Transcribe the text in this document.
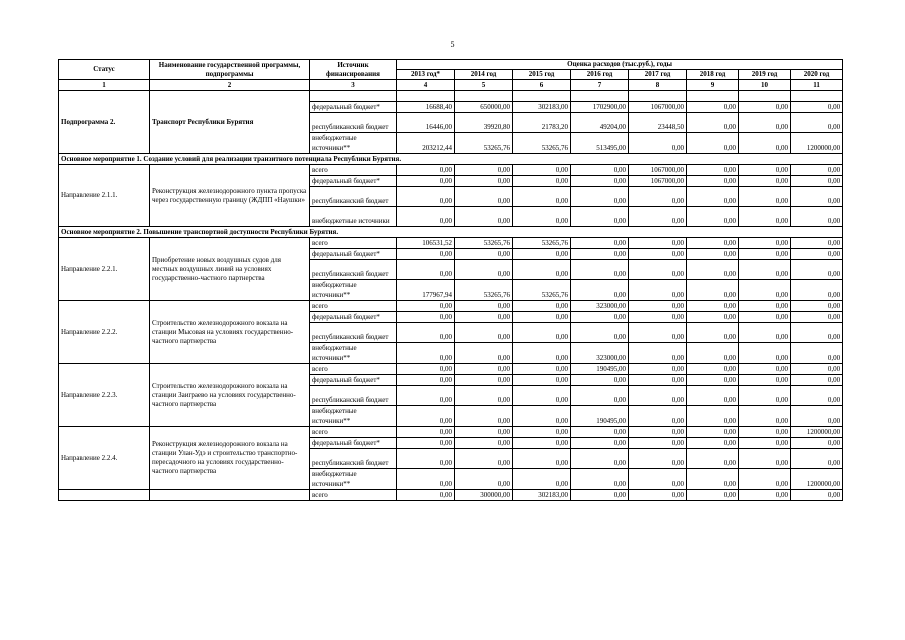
5
Статус	Наименование государственной программы, подпрограммы	Источник финансирования	Оценка расходов (тыс.руб.), годы							
			2013 год*	2014 год	2015 год	2016 год	2017 год	2018 год	2019 год	2020 год
1	2	3	4	5	6	7	8	9	10	11
Подпрограмма 2.	Транспорт Республики Бурятия									
		федеральный бюджет*	16688,40	650000,00	302183,00	1702900,00	1067000,00	0,00	0,00	0,00
		республиканский бюджет	16446,00	39920,80	21783,20	49204,00	23448,50	0,00	0,00	0,00
		внебюджетные источники**	203212,44	53265,76	53265,76	513495,00	0,00	0,00	0,00	1200000,00
Основное мероприятие 1. Создание условий для реализации транзитного потенциала Республики Бурятия.										
Направление 2.1.1.	Реконструкция железнодорожного пункта пропуска через государственную границу (ЖДПП «Наушки»	всего	0,00	0,00	0,00	0,00	1067000,00	0,00	0,00	0,00
		федеральный бюджет*	0,00	0,00	0,00	0,00	1067000,00	0,00	0,00	0,00
		республиканский бюджет	0,00	0,00	0,00	0,00	0,00	0,00	0,00	0,00
		внебюджетные источники	0,00	0,00	0,00	0,00	0,00	0,00	0,00	0,00
Основное мероприятие 2. Повышение транспортной доступности Республики Бурятия.										
Направление 2.2.1.	Приобретение новых воздушных судов для местных воздушных линий на условиях государственно-частного партнерства	всего	106531,52	53265,76	53265,76	0,00	0,00	0,00	0,00	0,00
		федеральный бюджет*	0,00	0,00	0,00	0,00	0,00	0,00	0,00	0,00
		республиканский бюджет	0,00	0,00	0,00	0,00	0,00	0,00	0,00	0,00
		внебюджетные источники**	177967,94	53265,76	53265,76	0,00	0,00	0,00	0,00	0,00
Направление 2.2.2.	Строительство железнодорожного вокзала на станции Мысовая на условиях государственно-частного партнерства	всего	0,00	0,00	0,00	323000,00	0,00	0,00	0,00	0,00
		федеральный бюджет*	0,00	0,00	0,00	0,00	0,00	0,00	0,00	0,00
		республиканский бюджет	0,00	0,00	0,00	0,00	0,00	0,00	0,00	0,00
		внебюджетные источники**	0,00	0,00	0,00	323000,00	0,00	0,00	0,00	0,00
Направление 2.2.3.	Строительство железнодорожного вокзала на станции Заиграево на условиях государственно-частного партнерства	всего	0,00	0,00	0,00	190495,00	0,00	0,00	0,00	0,00
		федеральный бюджет*	0,00	0,00	0,00	0,00	0,00	0,00	0,00	0,00
		республиканский бюджет	0,00	0,00	0,00	0,00	0,00	0,00	0,00	0,00
		внебюджетные источники**	0,00	0,00	0,00	190495,00	0,00	0,00	0,00	0,00
Направление 2.2.4.	Реконструкция железнодорожного вокзала на станции Улан-Удэ и строительство транспортно-пересадочного на условиях государственно-частного партнерства	всего	0,00	0,00	0,00	0,00	0,00	0,00	0,00	1200000,00
		федеральный бюджет*	0,00	0,00	0,00	0,00	0,00	0,00	0,00	0,00
		республиканский бюджет	0,00	0,00	0,00	0,00	0,00	0,00	0,00	0,00
		внебюджетные источники**	0,00	0,00	0,00	0,00	0,00	0,00	0,00	1200000,00
		всего	0,00	300000,00	302183,00	0,00	0,00	0,00	0,00	0,00
